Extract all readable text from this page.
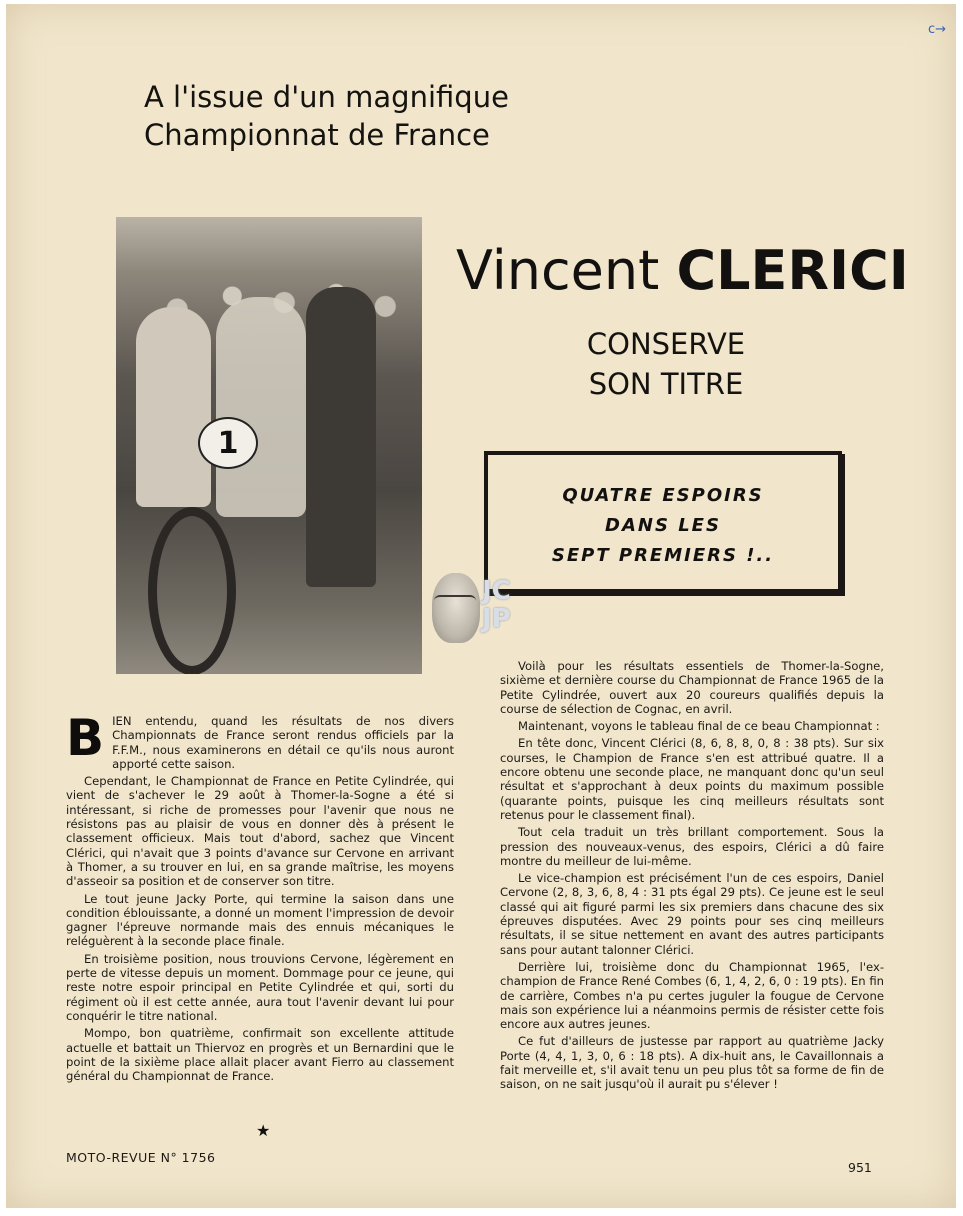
c→
A l'issue d'un magnifique
Championnat de France
1
Vincent CLERICI
CONSERVE
SON TITRE
QUATRE ESPOIRS
DANS LES
SEPT PREMIERS !..
JC
JP

BIEN entendu, quand les résultats de nos divers Championnats de France seront rendus officiels par la F.F.M., nous examinerons en détail ce qu'ils nous auront apporté cette saison.

Cependant, le Championnat de France en Petite Cylindrée, qui vient de s'achever le 29 août à Thomer-la-Sogne a été si intéressant, si riche de promesses pour l'avenir que nous ne résistons pas au plaisir de vous en donner dès à présent le classement officieux. Mais tout d'abord, sachez que Vincent Clérici, qui n'avait que 3 points d'avance sur Cervone en arrivant à Thomer, a su trouver en lui, en sa grande maîtrise, les moyens d'asseoir sa position et de conserver son titre.

Le tout jeune Jacky Porte, qui termine la saison dans une condition éblouissante, a donné un moment l'impression de devoir gagner l'épreuve normande mais des ennuis mécaniques le reléguèrent à la seconde place finale.

En troisième position, nous trouvions Cervone, légèrement en perte de vitesse depuis un moment. Dommage pour ce jeune, qui reste notre espoir principal en Petite Cylindrée et qui, sorti du régiment où il est cette année, aura tout l'avenir devant lui pour conquérir le titre national.

Mompo, bon quatrième, confirmait son excellente attitude actuelle et battait un Thiervoz en progrès et un Bernardini que le point de la sixième place allait placer avant Fierro au classement général du Championnat de France.

★

Voilà pour les résultats essentiels de Thomer-la-Sogne, sixième et dernière course du Championnat de France 1965 de la Petite Cylindrée, ouvert aux 20 coureurs qualifiés depuis la course de sélection de Cognac, en avril.

Maintenant, voyons le tableau final de ce beau Championnat :

En tête donc, Vincent Clérici (8, 6, 8, 8, 0, 8 : 38 pts). Sur six courses, le Champion de France s'en est attribué quatre. Il a encore obtenu une seconde place, ne manquant donc qu'un seul résultat et s'approchant à deux points du maximum possible (quarante points, puisque les cinq meilleurs résultats sont retenus pour le classement final).

Tout cela traduit un très brillant comportement. Sous la pression des nouveaux-venus, des espoirs, Clérici a dû faire montre du meilleur de lui-même.

Le vice-champion est précisément l'un de ces espoirs, Daniel Cervone (2, 8, 3, 6, 8, 4 : 31 pts égal 29 pts). Ce jeune est le seul classé qui ait figuré parmi les six premiers dans chacune des six épreuves disputées. Avec 29 points pour ses cinq meilleurs résultats, il se situe nettement en avant des autres participants sans pour autant talonner Clérici.

Derrière lui, troisième donc du Championnat 1965, l'ex-champion de France René Combes (6, 1, 4, 2, 6, 0 : 19 pts). En fin de carrière, Combes n'a pu certes juguler la fougue de Cervone mais son expérience lui a néanmoins permis de résister cette fois encore aux autres jeunes.

Ce fut d'ailleurs de justesse par rapport au quatrième Jacky Porte (4, 4, 1, 3, 0, 6 : 18 pts). A dix-huit ans, le Cavaillonnais a fait merveille et, s'il avait tenu un peu plus tôt sa forme de fin de saison, on ne sait jusqu'où il aurait pu s'élever !

MOTO-REVUE N° 1756
951
